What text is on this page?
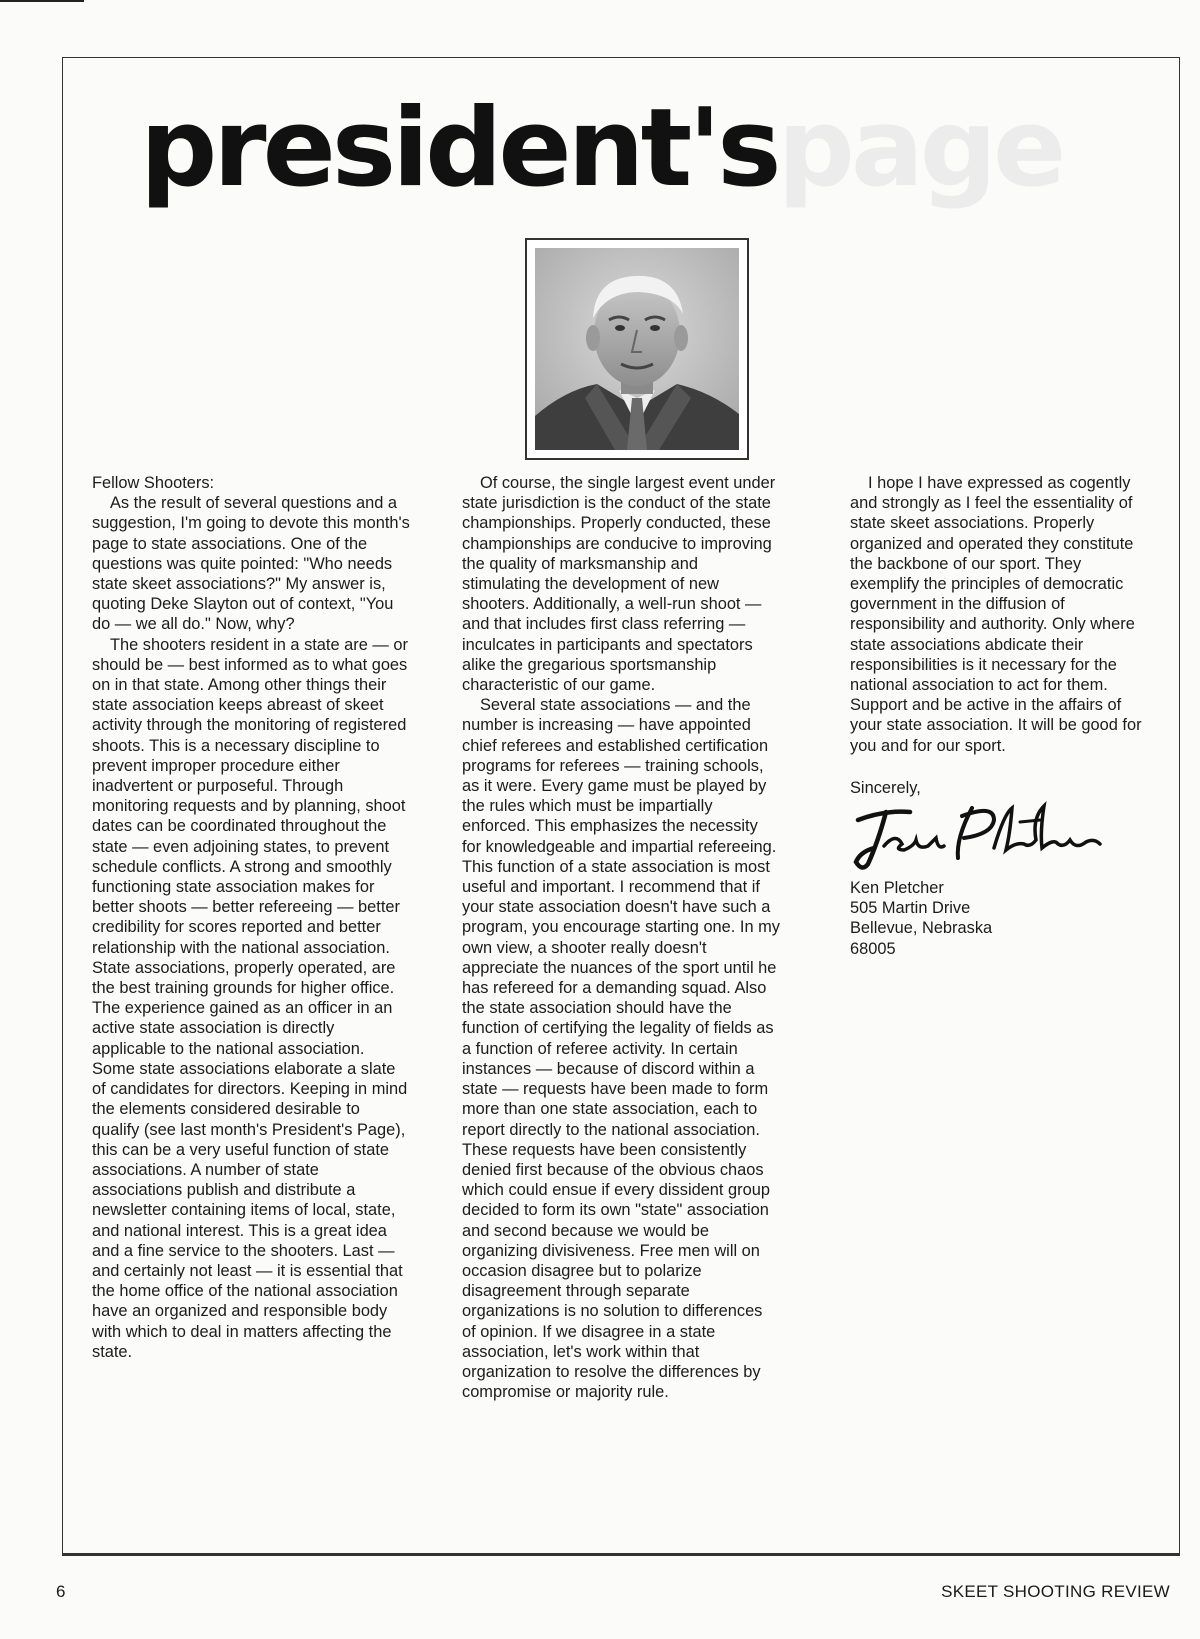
president'spage

Fellow Shooters:

As the result of several questions and a suggestion, I'm going to devote this month's page to state associations. One of the questions was quite pointed: "Who needs state skeet associations?" My answer is, quoting Deke Slayton out of context, "You do — we all do." Now, why?

The shooters resident in a state are — or should be — best informed as to what goes on in that state. Among other things their state association keeps abreast of skeet activity through the monitoring of registered shoots. This is a necessary discipline to prevent improper procedure either inadvertent or purposeful. Through monitoring requests and by planning, shoot dates can be coordinated throughout the state — even adjoining states, to prevent schedule conflicts. A strong and smoothly functioning state association makes for better shoots — better refereeing — better credibility for scores reported and better relationship with the national association. State associations, properly operated, are the best training grounds for higher office. The experience gained as an officer in an active state association is directly applicable to the national association. Some state associations elaborate a slate of candidates for directors. Keeping in mind the elements considered desirable to qualify (see last month's President's Page), this can be a very useful function of state associations. A number of state associations publish and distribute a newsletter containing items of local, state, and national interest. This is a great idea and a fine service to the shooters. Last — and certainly not least — it is essential that the home office of the national association have an organized and responsible body with which to deal in matters affecting the state.

Of course, the single largest event under state jurisdiction is the conduct of the state championships. Properly conducted, these championships are conducive to improving the quality of marksmanship and stimulating the development of new shooters. Additionally, a well-run shoot — and that includes first class referring — inculcates in participants and spectators alike the gregarious sportsmanship characteristic of our game.

Several state associations — and the number is increasing — have appointed chief referees and established certification programs for referees — training schools, as it were. Every game must be played by the rules which must be impartially enforced. This emphasizes the necessity for knowledgeable and impartial refereeing. This function of a state association is most useful and important. I recommend that if your state association doesn't have such a program, you encourage starting one. In my own view, a shooter really doesn't appreciate the nuances of the sport until he has refereed for a demanding squad. Also the state association should have the function of certifying the legality of fields as a function of referee activity. In certain instances — because of discord within a state — requests have been made to form more than one state association, each to report directly to the national association. These requests have been consistently denied first because of the obvious chaos which could ensue if every dissident group decided to form its own "state" association and second because we would be organizing divisiveness. Free men will on occasion disagree but to polarize disagreement through separate organizations is no solution to differences of opinion. If we disagree in a state association, let's work within that organization to resolve the differences by compromise or majority rule.

I hope I have expressed as cogently and strongly as I feel the essentiality of state skeet associations. Properly organized and operated they constitute the backbone of our sport. They exemplify the principles of democratic government in the diffusion of responsibility and authority. Only where state associations abdicate their responsibilities is it necessary for the national association to act for them. Support and be active in the affairs of your state association. It will be good for you and for our sport.

Sincerely,
Ken Pletcher
505 Martin Drive
Bellevue, Nebraska
68005
6	SKEET SHOOTING REVIEW
